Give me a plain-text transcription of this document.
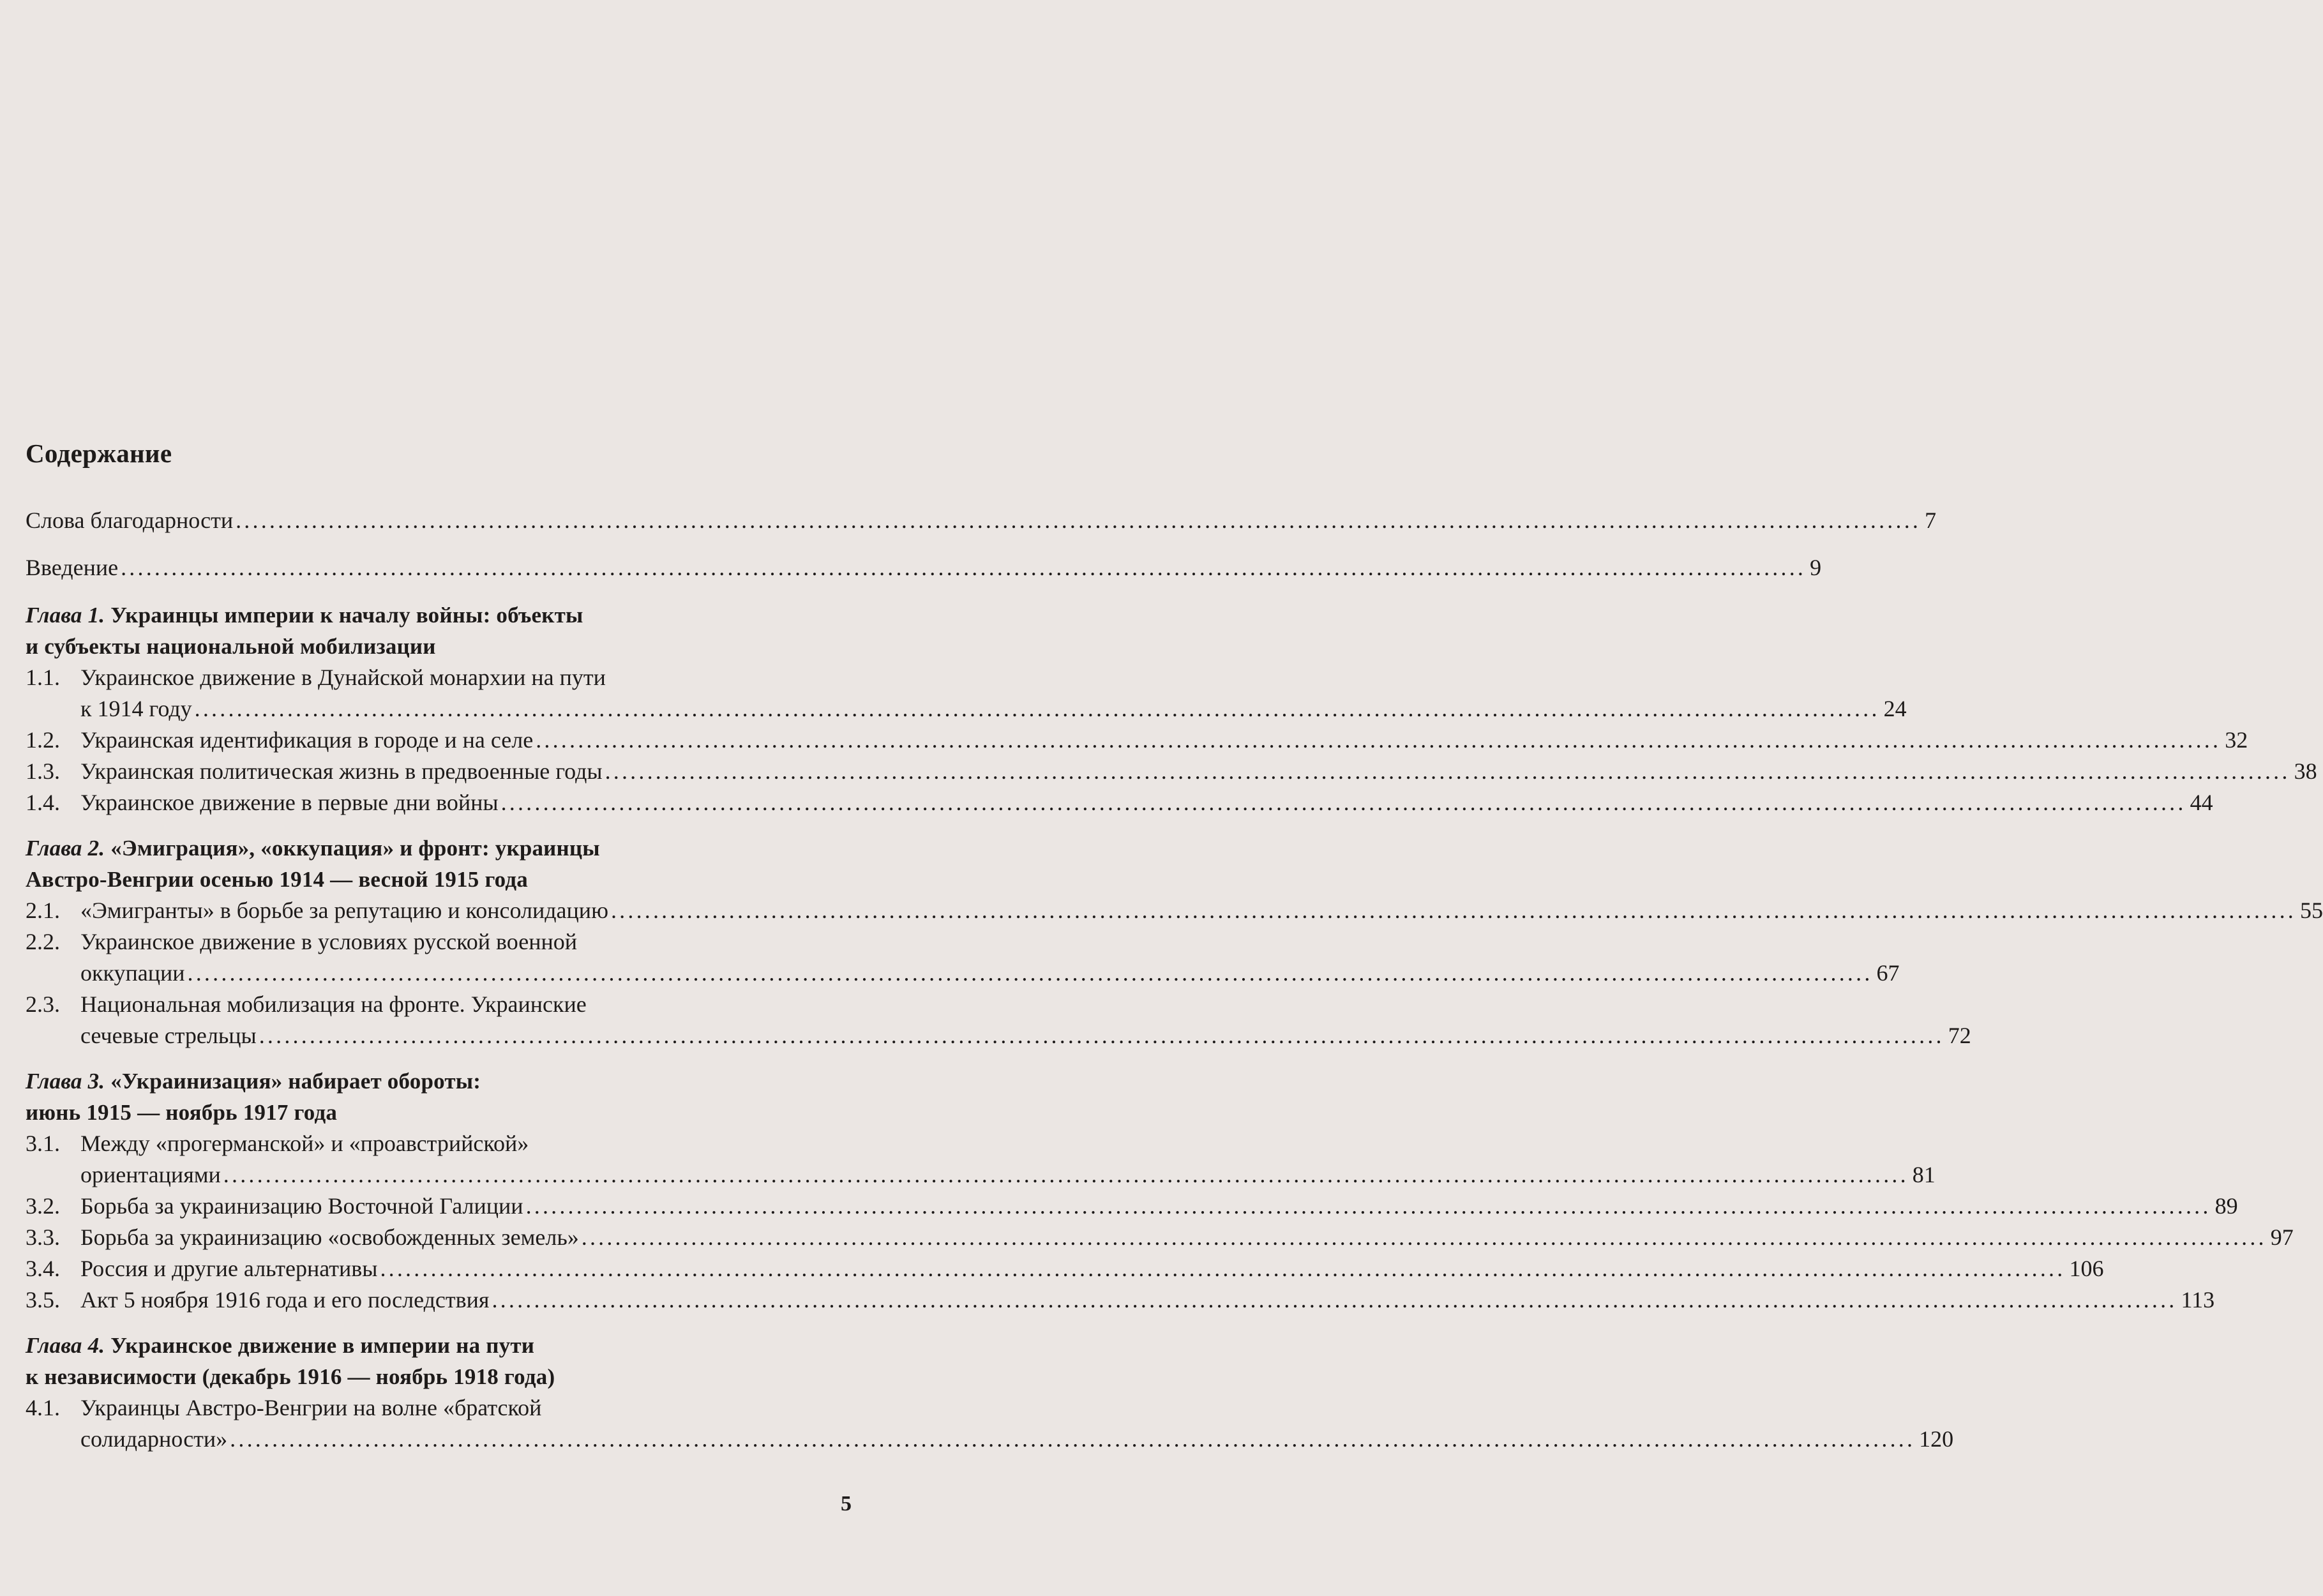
Содержание
Слова благодарности ........................................................................................................................................................................................................ 7
Введение ........................................................................................................................................................................................................ 9
Глава 1. Украинцы империи к началу войны: объекты
и субъекты национальной мобилизации
1.1. Украинское движение в Дунайской монархии на пути
к 1914 году ........................................................................................................................................................................................................ 24
1.2. Украинская идентификация в городе и на селе ........................................................................................................................................................................................................ 32
1.3. Украинская политическая жизнь в предвоенные годы ........................................................................................................................................................................................................ 38
1.4. Украинское движение в первые дни войны ........................................................................................................................................................................................................ 44
Глава 2. «Эмиграция», «оккупация» и фронт: украинцы
Австро-Венгрии осенью 1914 — весной 1915 года
2.1. «Эмигранты» в борьбе за репутацию и консолидацию ........................................................................................................................................................................................................ 55
2.2. Украинское движение в условиях русской военной
оккупации ........................................................................................................................................................................................................ 67
2.3. Национальная мобилизация на фронте. Украинские
сечевые стрельцы ........................................................................................................................................................................................................ 72
Глава 3. «Украинизация» набирает обороты:
июнь 1915 — ноябрь 1917 года
3.1. Между «прогерманской» и «проавстрийской»
ориентациями ........................................................................................................................................................................................................ 81
3.2. Борьба за украинизацию Восточной Галиции ........................................................................................................................................................................................................ 89
3.3. Борьба за украинизацию «освобожденных земель» ........................................................................................................................................................................................................ 97
3.4. Россия и другие альтернативы ........................................................................................................................................................................................................ 106
3.5. Акт 5 ноября 1916 года и его последствия ........................................................................................................................................................................................................ 113
Глава 4. Украинское движение в империи на пути
к независимости (декабрь 1916 — ноябрь 1918 года)
4.1. Украинцы Австро-Венгрии на волне «братской
солидарности» ........................................................................................................................................................................................................ 120
5
